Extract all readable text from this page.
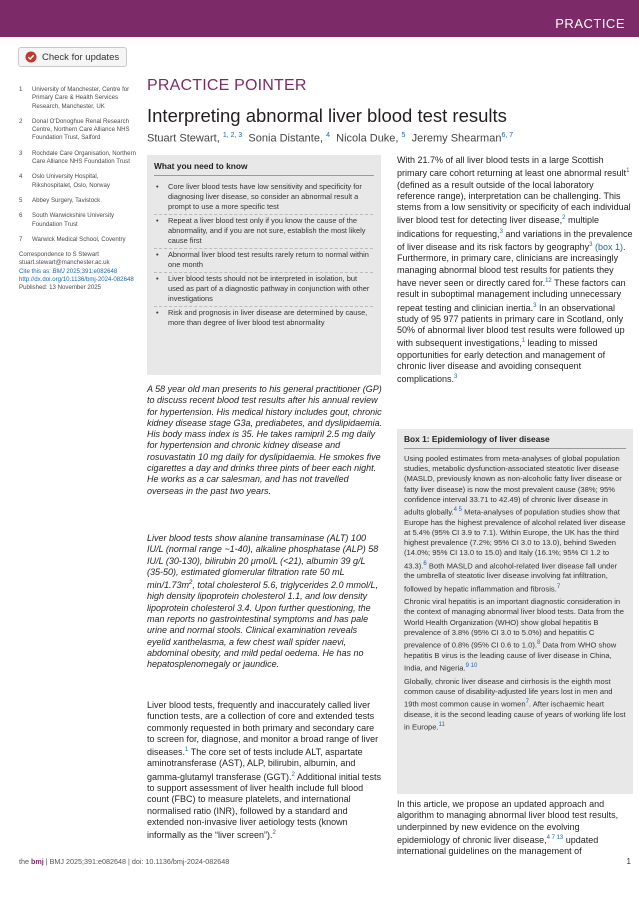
PRACTICE
Check for updates
1 University of Manchester, Centre for Primary Care & Health Services Research, Manchester, UK
2 Donal O'Donoghue Renal Research Centre, Northern Care Alliance NHS Foundation Trust, Salford
3 Rochdale Care Organisation, Northern Care Alliance NHS Foundation Trust
4 Oslo University Hospital, Rikshospitalet, Oslo, Norway
5 Abbey Surgery, Tavistock
6 South Warwickshire University Foundation Trust
7 Warwick Medical School, Coventry
Correspondence to S Stewart
stuart.stewart@manchester.ac.uk
Cite this as: BMJ 2025;391:e082648
http://dx.doi.org/10.1136/bmj-2024-082648
Published: 13 November 2025
PRACTICE POINTER
Interpreting abnormal liver blood test results
Stuart Stewart, $^{1, 2, 3}$ Sonia Distante, $^4$ Nicola Duke, $^5$ Jeremy Shearman$^{6, 7}$
What you need to know
• Core liver blood tests have low sensitivity and specificity for diagnosing liver disease, so consider an abnormal result a prompt to use a more specific test
• Repeat a liver blood test only if you know the cause of the abnormality, and if you are not sure, establish the most likely cause first
• Abnormal liver blood test results rarely return to normal within one month
• Liver blood tests should not be interpreted in isolation, but used as part of a diagnostic pathway in conjunction with other investigations
• Risk and prognosis in liver disease are determined by cause, more than degree of liver blood test abnormality

A 58 year old man presents to his general practitioner (GP) to discuss recent blood test results after his annual review for hypertension. His medical history includes gout, chronic kidney disease stage G3a, prediabetes, and dyslipidaemia. His body mass index is 35. He takes ramipril 2.5 mg daily for hypertension and chronic kidney disease and rosuvastatin 10 mg daily for dyslipidaemia. He smokes five cigarettes a day and drinks three pints of beer each night. He works as a car salesman, and has not travelled overseas in the past two years.

Liver blood tests show alanine transaminase (ALT) 100 IU/L (normal range ~1-40), alkaline phosphatase (ALP) 58 IU/L (30-130), bilirubin 20 μmol/L (<21), albumin 39 g/L (35-50), estimated glomerular filtration rate 50 mL $\min/1.73m^2$, total cholesterol 5.6, triglycerides 2.0 mmol/L, high density lipoprotein cholesterol 1.1, and low density lipoprotein cholesterol 3.4. Upon further questioning, the man reports no gastrointestinal symptoms and has pale urine and normal stools. Clinical examination reveals eyelid xanthelasma, a few chest wall spider naevi, abdominal obesity, and mild pedal oedema. He has no hepatosplenomegaly or jaundice.

Liver blood tests, frequently and inaccurately called liver function tests, are a collection of core and extended tests commonly requested in both primary and secondary care to screen for, diagnose, and monitor a broad range of liver diseases.$^1$ The core set of tests include ALT, aspartate aminotransferase (AST), ALP, bilirubin, albumin, and gamma-glutamyl transferase (GGT).$^2$ Additional initial tests to support assessment of liver health include full blood count (FBC) to measure platelets, and international normalised ratio (INR), followed by a standard and extended non-invasive liver aetiology tests (known informally as the “liver screen”).$^2$

With 21.7% of all liver blood tests in a large Scottish primary care cohort returning at least one abnormal result$^1$ (defined as a result outside of the local laboratory reference range), interpretation can be challenging. This stems from a low sensitivity or specificity of each individual liver blood test for detecting liver disease,$^2$ multiple indications for requesting,$^3$ and variations in the prevalence of liver disease and its risk factors by geography$^3$ (box 1). Furthermore, in primary care, clinicians are increasingly managing abnormal blood test results for patients they have never seen or directly cared for.$^{12}$ These factors can result in suboptimal management including unnecessary repeat testing and clinician inertia.$^3$ In an observational study of 95 977 patients in primary care in Scotland, only 50% of abnormal liver blood test results were followed up with subsequent investigations,$^1$ leading to missed opportunities for early detection and management of chronic liver disease and avoiding consequent complications.$^3$

Box 1: Epidemiology of liver disease

Using pooled estimates from meta-analyses of global population studies, metabolic dysfunction-associated steatotic liver disease (MASLD, previously known as non-alcoholic fatty liver disease or fatty liver disease) is now the most prevalent cause (38%; 95% confidence interval 33.71 to 42.49) of chronic liver disease in adults globally.$^{4 5}$ Meta-analyses of population studies show that Europe has the highest prevalence of alcohol related liver disease at 5.4% (95% CI 3.9 to 7.1). Within Europe, the UK has the third highest prevalence (7.2%; 95% CI 3.0 to 13.0), behind Sweden (14.0%; 95% CI 13.0 to 15.0) and Italy (16.1%; 95% CI 1.2 to 43.3).$^6$ Both MASLD and alcohol-related liver disease fall under the umbrella of steatotic liver disease involving fat infiltration, followed by hepatic inflammation and fibrosis.$^7$

Chronic viral hepatitis is an important diagnostic consideration in the context of managing abnormal liver blood tests. Data from the World Health Organization (WHO) show global hepatitis B prevalence of 3.8% (95% CI 3.0 to 5.0%) and hepatitis C prevalence of 0.8% (95% CI 0.6 to 1.0).$^8$ Data from WHO show hepatitis B virus is the leading cause of liver disease in China, India, and Nigeria.$^{9 10}$

Globally, chronic liver disease and cirrhosis is the eighth most common cause of disability-adjusted life years lost in men and 19th most common cause in women$^7$. After ischaemic heart disease, it is the second leading cause of years of working life lost in Europe.$^{11}$

In this article, we propose an updated approach and algorithm to managing abnormal liver blood test results, underpinned by new evidence on the evolving epidemiology of chronic liver disease,$^{4 7 13}$ updated international guidelines on the management of

the bmj | BMJ 2025;391:e082648 | doi: 10.1136/bmj-2024-082648	1
